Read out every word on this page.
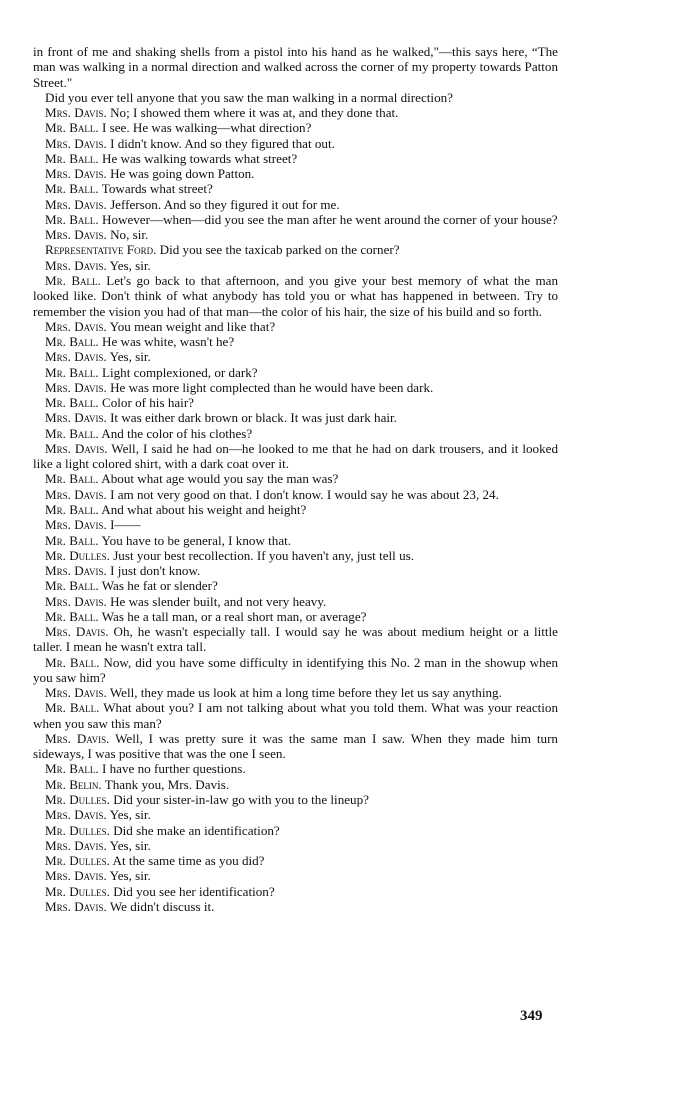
in front of me and shaking shells from a pistol into his hand as he walked,"—this says here, “The man was walking in a normal direction and walked across the corner of my property towards Patton Street."

Did you ever tell anyone that you saw the man walking in a normal direction?

Mrs. Davis. No; I showed them where it was at, and they done that.

Mr. Ball. I see. He was walking—what direction?

Mrs. Davis. I didn't know. And so they figured that out.

Mr. Ball. He was walking towards what street?

Mrs. Davis. He was going down Patton.

Mr. Ball. Towards what street?

Mrs. Davis. Jefferson. And so they figured it out for me.

Mr. Ball. However—when—did you see the man after he went around the corner of your house?

Mrs. Davis. No, sir.

Representative Ford. Did you see the taxicab parked on the corner?

Mrs. Davis. Yes, sir.

Mr. Ball. Let's go back to that afternoon, and you give your best memory of what the man looked like. Don't think of what anybody has told you or what has happened in between. Try to remember the vision you had of that man—the color of his hair, the size of his build and so forth.

Mrs. Davis. You mean weight and like that?

Mr. Ball. He was white, wasn't he?

Mrs. Davis. Yes, sir.

Mr. Ball. Light complexioned, or dark?

Mrs. Davis. He was more light complected than he would have been dark.

Mr. Ball. Color of his hair?

Mrs. Davis. It was either dark brown or black. It was just dark hair.

Mr. Ball. And the color of his clothes?

Mrs. Davis. Well, I said he had on—he looked to me that he had on dark trousers, and it looked like a light colored shirt, with a dark coat over it.

Mr. Ball. About what age would you say the man was?

Mrs. Davis. I am not very good on that. I don't know. I would say he was about 23, 24.

Mr. Ball. And what about his weight and height?

Mrs. Davis. I——

Mr. Ball. You have to be general, I know that.

Mr. Dulles. Just your best recollection. If you haven't any, just tell us.

Mrs. Davis. I just don't know.

Mr. Ball. Was he fat or slender?

Mrs. Davis. He was slender built, and not very heavy.

Mr. Ball. Was he a tall man, or a real short man, or average?

Mrs. Davis. Oh, he wasn't especially tall. I would say he was about medium height or a little taller. I mean he wasn't extra tall.

Mr. Ball. Now, did you have some difficulty in identifying this No. 2 man in the showup when you saw him?

Mrs. Davis. Well, they made us look at him a long time before they let us say anything.

Mr. Ball. What about you? I am not talking about what you told them. What was your reaction when you saw this man?

Mrs. Davis. Well, I was pretty sure it was the same man I saw. When they made him turn sideways, I was positive that was the one I seen.

Mr. Ball. I have no further questions.

Mr. Belin. Thank you, Mrs. Davis.

Mr. Dulles. Did your sister-in-law go with you to the lineup?

Mrs. Davis. Yes, sir.

Mr. Dulles. Did she make an identification?

Mrs. Davis. Yes, sir.

Mr. Dulles. At the same time as you did?

Mrs. Davis. Yes, sir.

Mr. Dulles. Did you see her identification?

Mrs. Davis. We didn't discuss it.

349
